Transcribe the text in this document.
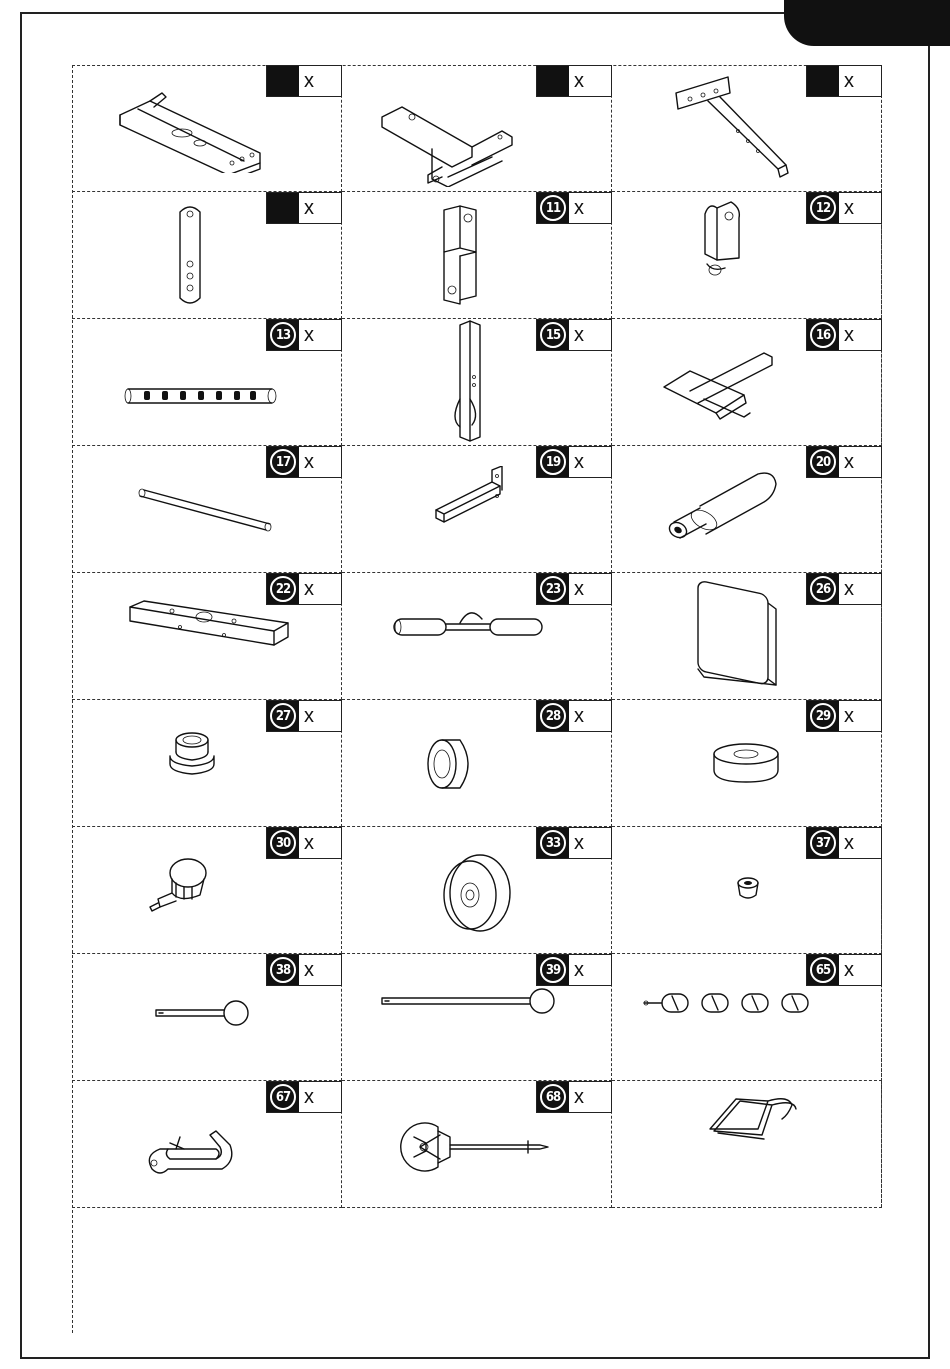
x	x	x
x	11 x	12 x
13 x	15 x	16 x
17 x	19 x	20 x
22 x	23 x	26 x
27 x	28 x	29 x
30 x	33 x	37 x
38 x	39 x	65 x
67 x	68 x
